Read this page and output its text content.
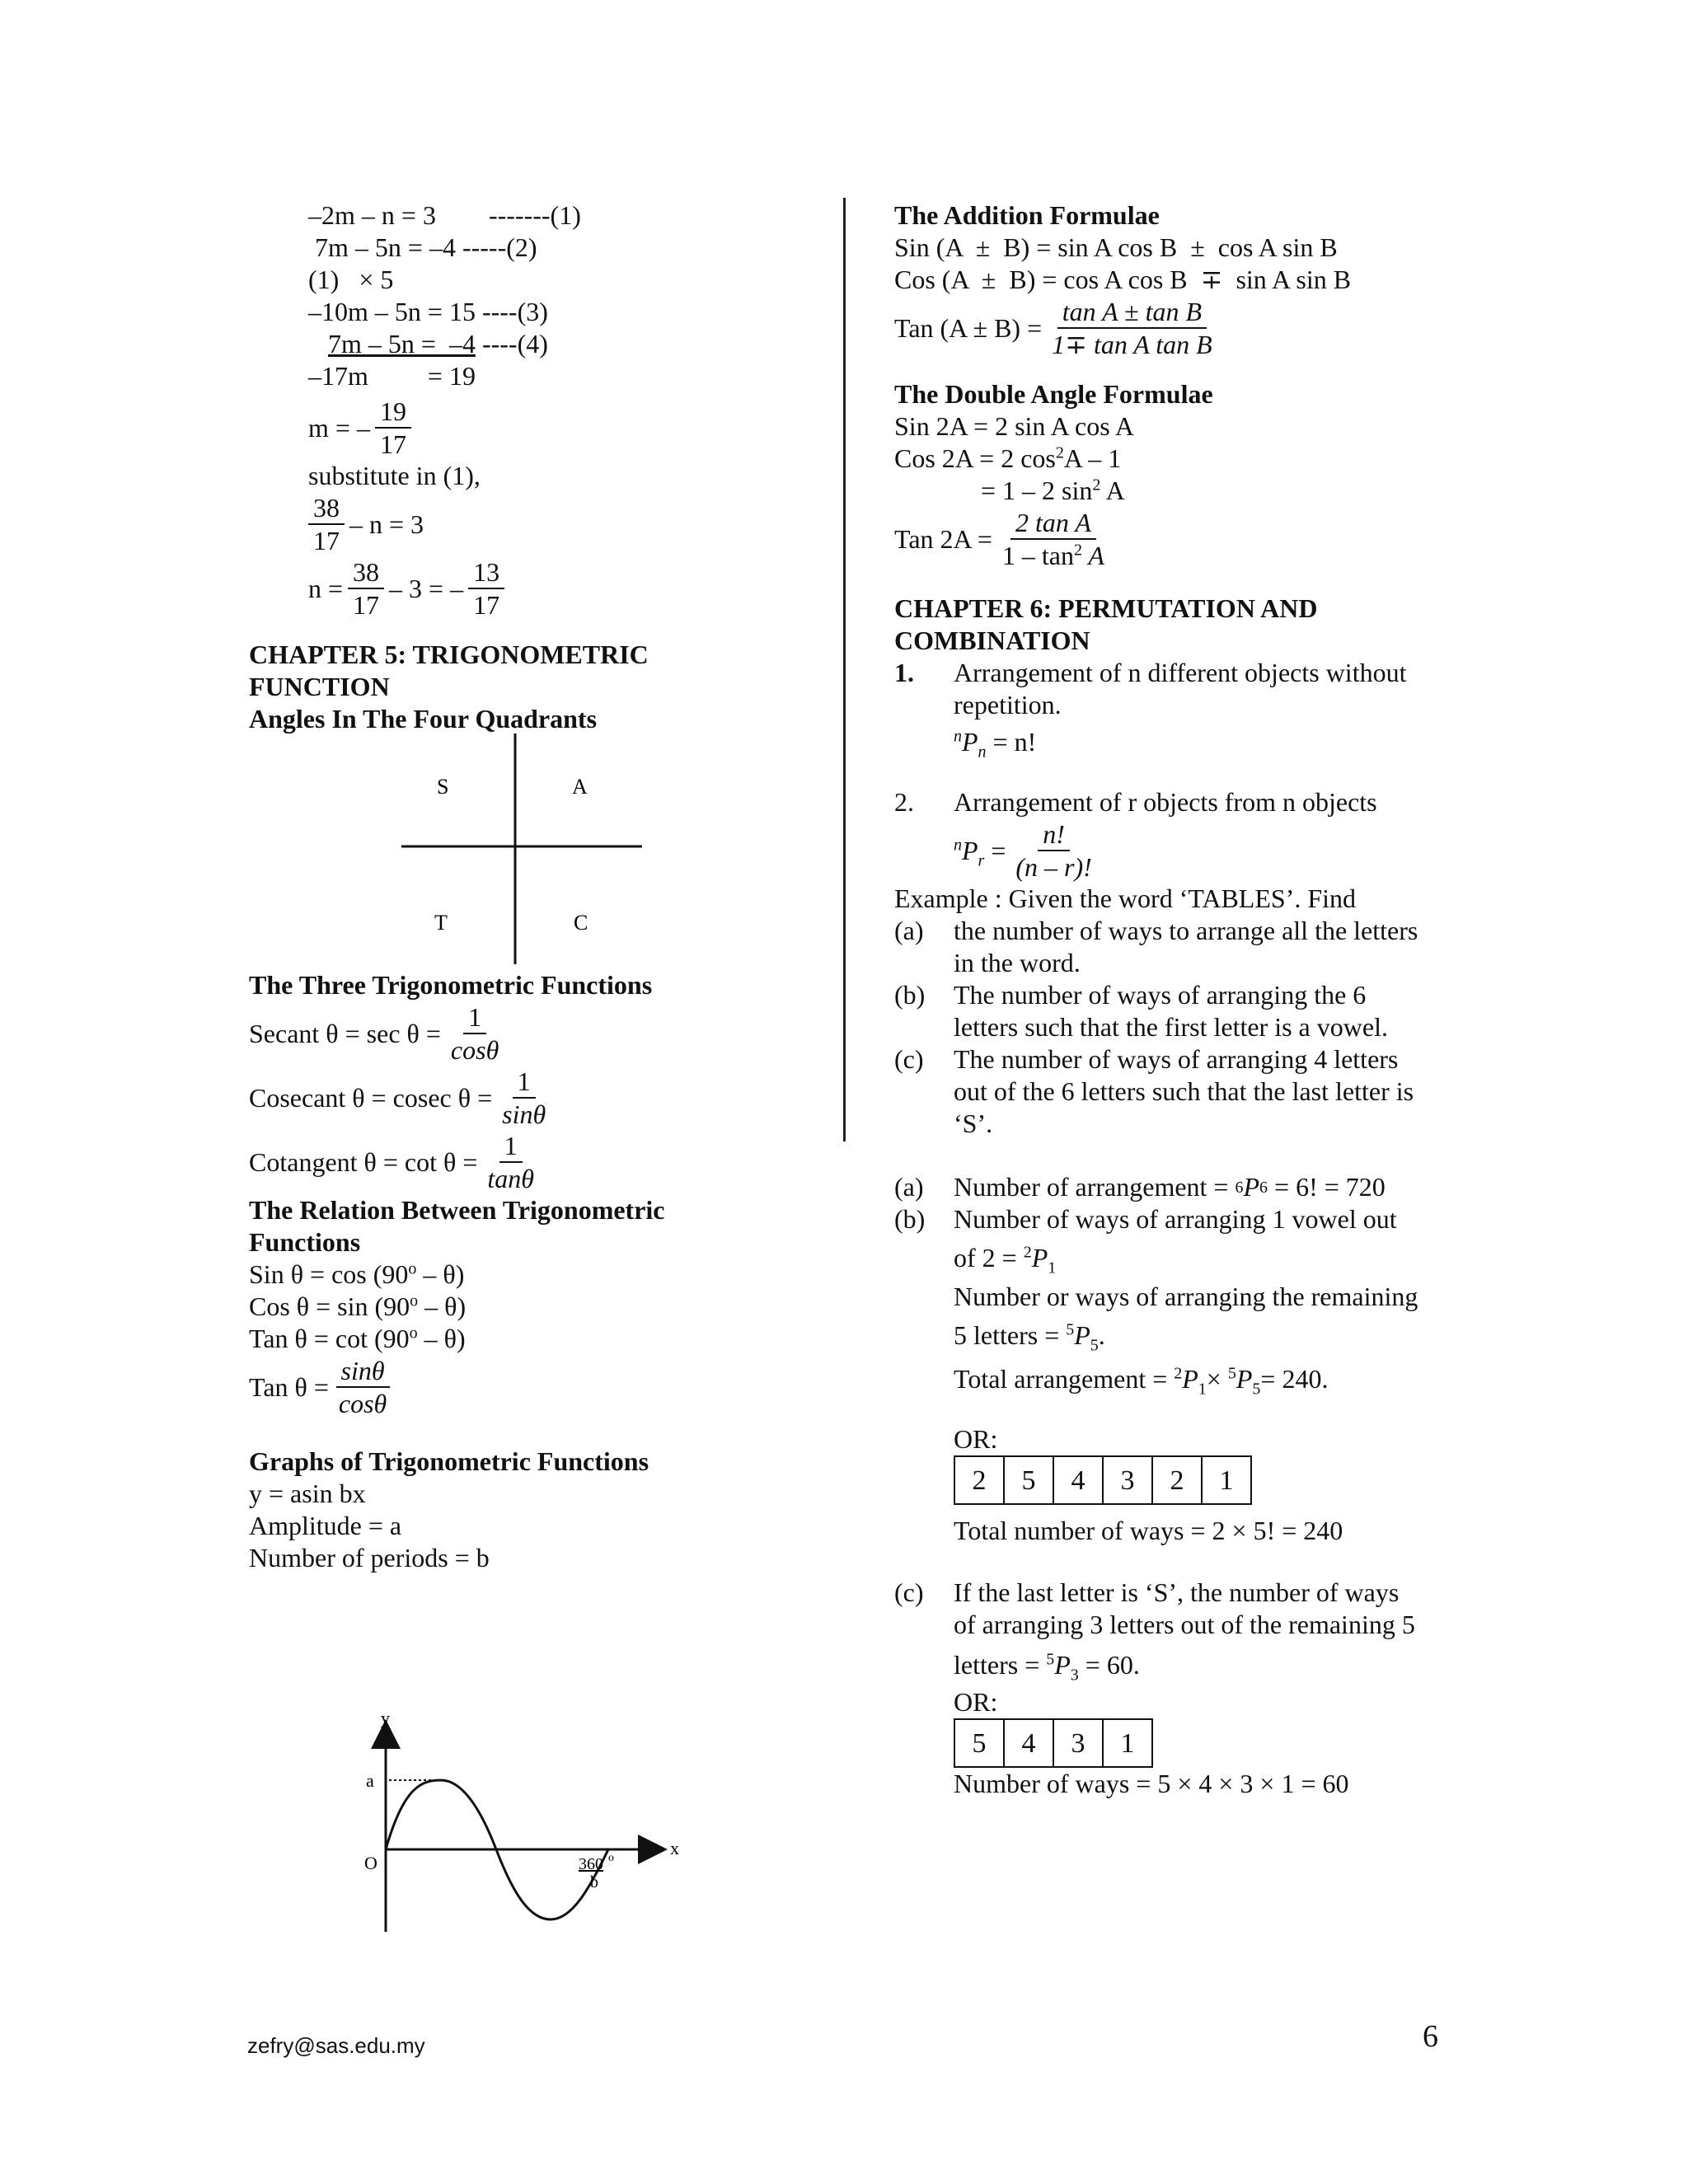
–2m – n = 3        -------(1)
7m – 5n = –4 -----(2)
(1)   × 5
–10m – 5n = 15 ----(3)
7m – 5n =  –4 ----(4)
–17m         = 19
m = – $\frac{19}{17}$
substitute in (1),
$\frac{38}{17} - n = 3$
$n = \frac{38}{17} - 3$ = – $\frac{13}{17}$
CHAPTER 5: TRIGONOMETRIC
FUNCTION
Angles In The Four Quadrants
S	A
T	C
The Three Trigonometric Functions
Secant $\theta = \sec \theta = \frac{1}{\cos\theta}$
Cosecant θ = cosec $\theta = \frac{1}{\sin\theta}$
Cotangent $\theta = \cot \theta = \frac{1}{\tan\theta}$
The Relation Between Trigonometric
Functions
Sin θ = cos (90$^o$ – θ)
Cos θ = sin (90$^o$ – θ)
Tan θ = cot (90$^o$ – θ)
Tan $\theta = \frac{\sin\theta}{\cos\theta}$
Graphs of Trigonometric Functions
y = asin bx
Amplitude = a
Number of periods = b
y
x
a
O	360 o
b
The Addition Formulae
Sin (A  ±  B) = sin A cos B  ±  cos A sin B
Cos (A  ±  B) = cos A cos B  ∓  sin A sin B
Tan $(A \pm B) = \frac{\text{tan A ± tan B}}{\text{1∓ tan A tan B}}$
The Double Angle Formulae
Sin 2A = 2 sin A cos A
Cos 2A = 2 $\cos^2A - 1$
= 1 – 2 $\sin^2 A$
Tan $2A = \frac{\text{2 tan A}}{1 - \tan^2 A}$
CHAPTER 6: PERMUTATION AND
COMBINATION
1.	Arrangement of n different objects without
repetition.
$^nP_n = n$!
2.	Arrangement of r objects from n objects
$^nP_r = \frac{n!}{(n - r)!}$
Example : Given the word ‘TABLES’. Find
(a)	the number of ways to arrange all the letters
in the word.
(b)	The number of ways of arranging the 6
letters such that the first letter is a vowel.
(c)	The number of ways of arranging 4 letters
out of the 6 letters such that the last letter is
‘S’.
(a)	Number of arrangement =
6 P 6
= 6! = 720
(b)	Number of ways of arranging 1 vowel out
of $2 = ^2P_1$
Number or ways of arranging the remaining
5 letters = $^5P_5$.
Total arrangement = $^2P_1\times ^5P_5= 240$.
OR:
2	5	4	3	2	1
Total number of ways = 2 × 5! = 240
(c)	If the last letter is ‘S’, the number of ways
of arranging 3 letters out of the remaining 5
letters = $^5P_3 = 60$.
OR:
5	4	3	1
Number of ways = 5 × 4 × 3 × 1 = 60
zefry@sas.edu.my	6
